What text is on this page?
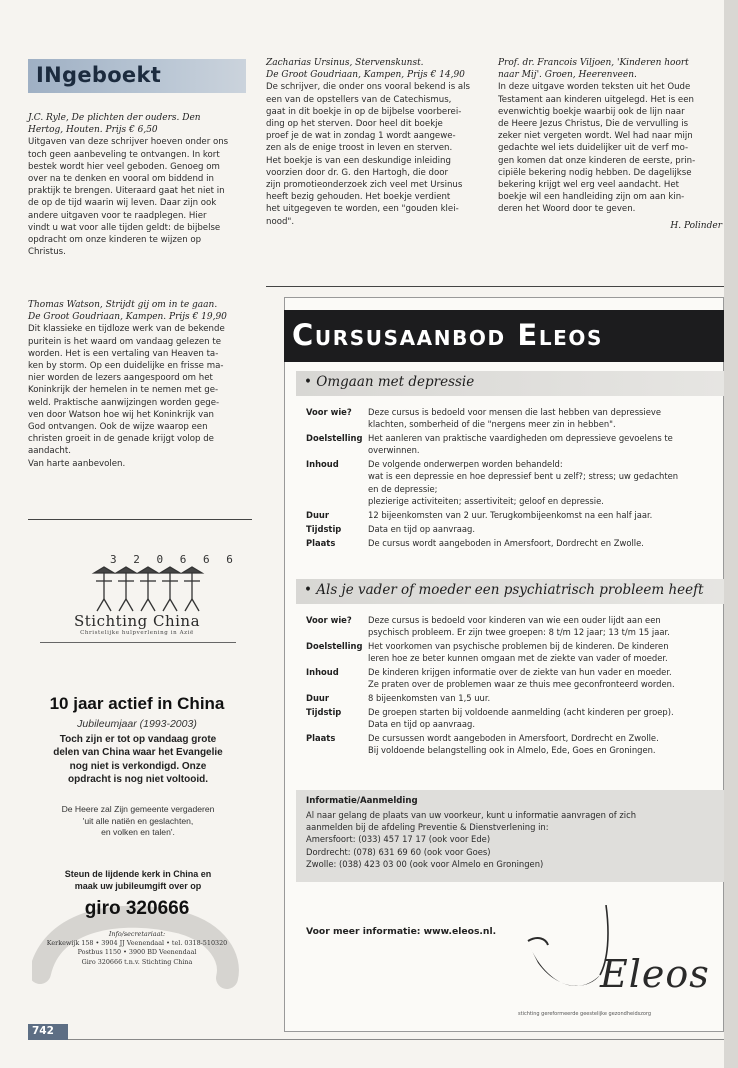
INgeboekt
J.C. Ryle, De plichten der ouders. Den
Hertog, Houten. Prijs € 6,50
Uitgaven van deze schrijver hoeven onder ons
toch geen aanbeveling te ontvangen. In kort
bestek wordt hier veel geboden. Genoeg om
over na te denken en vooral om biddend in
praktijk te brengen. Uiteraard gaat het niet in
de op de tijd waarin wij leven. Daar zijn ook
andere uitgaven voor te raadplegen. Hier
vindt u wat voor alle tijden geldt: de bijbelse
opdracht om onze kinderen te wijzen op
Christus.
Thomas Watson, Strijdt gij om in te gaan.
De Groot Goudriaan, Kampen. Prijs € 19,90
Dit klassieke en tijdloze werk van de bekende
puritein is het waard om vandaag gelezen te
worden. Het is een vertaling van Heaven ta-
ken by storm. Op een duidelijke en frisse ma-
nier worden de lezers aangespoord om het
Koninkrijk der hemelen in te nemen met ge-
weld. Praktische aanwijzingen worden gege-
ven door Watson hoe wij het Koninkrijk van
God ontvangen. Ook de wijze waarop een
christen groeit in de genade krijgt volop de
aandacht.
Van harte aanbevolen.
Zacharias Ursinus, Stervenskunst.
De Groot Goudriaan, Kampen, Prijs € 14,90
De schrijver, die onder ons vooral bekend is als
een van de opstellers van de Catechismus,
gaat in dit boekje in op de bijbelse voorberei-
ding op het sterven. Door heel dit boekje
proef je de wat in zondag 1 wordt aangewe-
zen als de enige troost in leven en sterven.
Het boekje is van een deskundige inleiding
voorzien door dr. G. den Hartogh, die door
zijn promotieonderzoek zich veel met Ursinus
heeft bezig gehouden. Het boekje verdient
het uitgegeven te worden, een "gouden klei-
nood".
Prof. dr. Francois Viljoen, 'Kinderen hoort
naar Mij'. Groen, Heerenveen.
In deze uitgave worden teksten uit het Oude
Testament aan kinderen uitgelegd. Het is een
evenwichtig boekje waarbij ook de lijn naar
de Heere Jezus Christus, Die de vervulling is
zeker niet vergeten wordt. Wel had naar mijn
gedachte wel iets duidelijker uit de verf mo-
gen komen dat onze kinderen de eerste, prin-
cipiële bekering nodig hebben. De dagelijkse
bekering krijgt wel erg veel aandacht. Het
boekje wil een handleiding zijn om aan kin-
deren het Woord door te geven.
H. Polinder
3 2 0 6 6 6
Stichting China
Christelijke hulpverlening in Azië
10 jaar actief in China
Jubileumjaar (1993-2003)
Toch zijn er tot op vandaag grote
delen van China waar het Evangelie
nog niet is verkondigd. Onze
opdracht is nog niet voltooid.
De Heere zal Zijn gemeente vergaderen
'uit alle natiën en geslachten,
en volken en talen'.
Steun de lijdende kerk in China en
maak uw jubileumgift over op
giro 320666
Info/secretariaat:
Kerkewijk 158 • 3904 JJ Veenendaal • tel. 0318-510320
Postbus 1150 • 3900 BD Veenendaal
Giro 320666 t.n.v. Stichting China
Cursusaanbod Eleos
• Omgaan met depressie
Voor wie?	Deze cursus is bedoeld voor mensen die last hebben van depressieve
klachten, somberheid of die "nergens meer zin in hebben".
Doelstelling Het aanleren van praktische vaardigheden om depressieve gevoelens te
overwinnen.
Inhoud	De volgende onderwerpen worden behandeld:
wat is een depressie en hoe depressief bent u zelf?; stress; uw gedachten
en de depressie;
plezierige activiteiten; assertiviteit; geloof en depressie.
Duur	12 bijeenkomsten van 2 uur. Terugkombijeenkomst na een half jaar.
Tijdstip	Data en tijd op aanvraag.
Plaats	De cursus wordt aangeboden in Amersfoort, Dordrecht en Zwolle.
• Als je vader of moeder een psychiatrisch probleem heeft
Voor wie?	Deze cursus is bedoeld voor kinderen van wie een ouder lijdt aan een
psychisch probleem. Er zijn twee groepen: 8 t/m 12 jaar; 13 t/m 15 jaar.
Doelstelling Het voorkomen van psychische problemen bij de kinderen. De kinderen
leren hoe ze beter kunnen omgaan met de ziekte van vader of moeder.
Inhoud	De kinderen krijgen informatie over de ziekte van hun vader en moeder.
Ze praten over de problemen waar ze thuis mee geconfronteerd worden.
Duur	8 bijeenkomsten van 1,5 uur.
Tijdstip	De groepen starten bij voldoende aanmelding (acht kinderen per groep).
Data en tijd op aanvraag.
Plaats	De cursussen wordt aangeboden in Amersfoort, Dordrecht en Zwolle.
Bij voldoende belangstelling ook in Almelo, Ede, Goes en Groningen.
Informatie/Aanmelding
Al naar gelang de plaats van uw voorkeur, kunt u informatie aanvragen of zich
aanmelden bij de afdeling Preventie & Dienstverlening in:
Amersfoort: (033) 457 17 17 (ook voor Ede)
Dordrecht: (078) 631 69 60 (ook voor Goes)
Zwolle: (038) 423 03 00 (ook voor Almelo en Groningen)
Voor meer informatie: www.eleos.nl.
Eleos
stichting gereformeerde geestelijke gezondheidszorg
742
